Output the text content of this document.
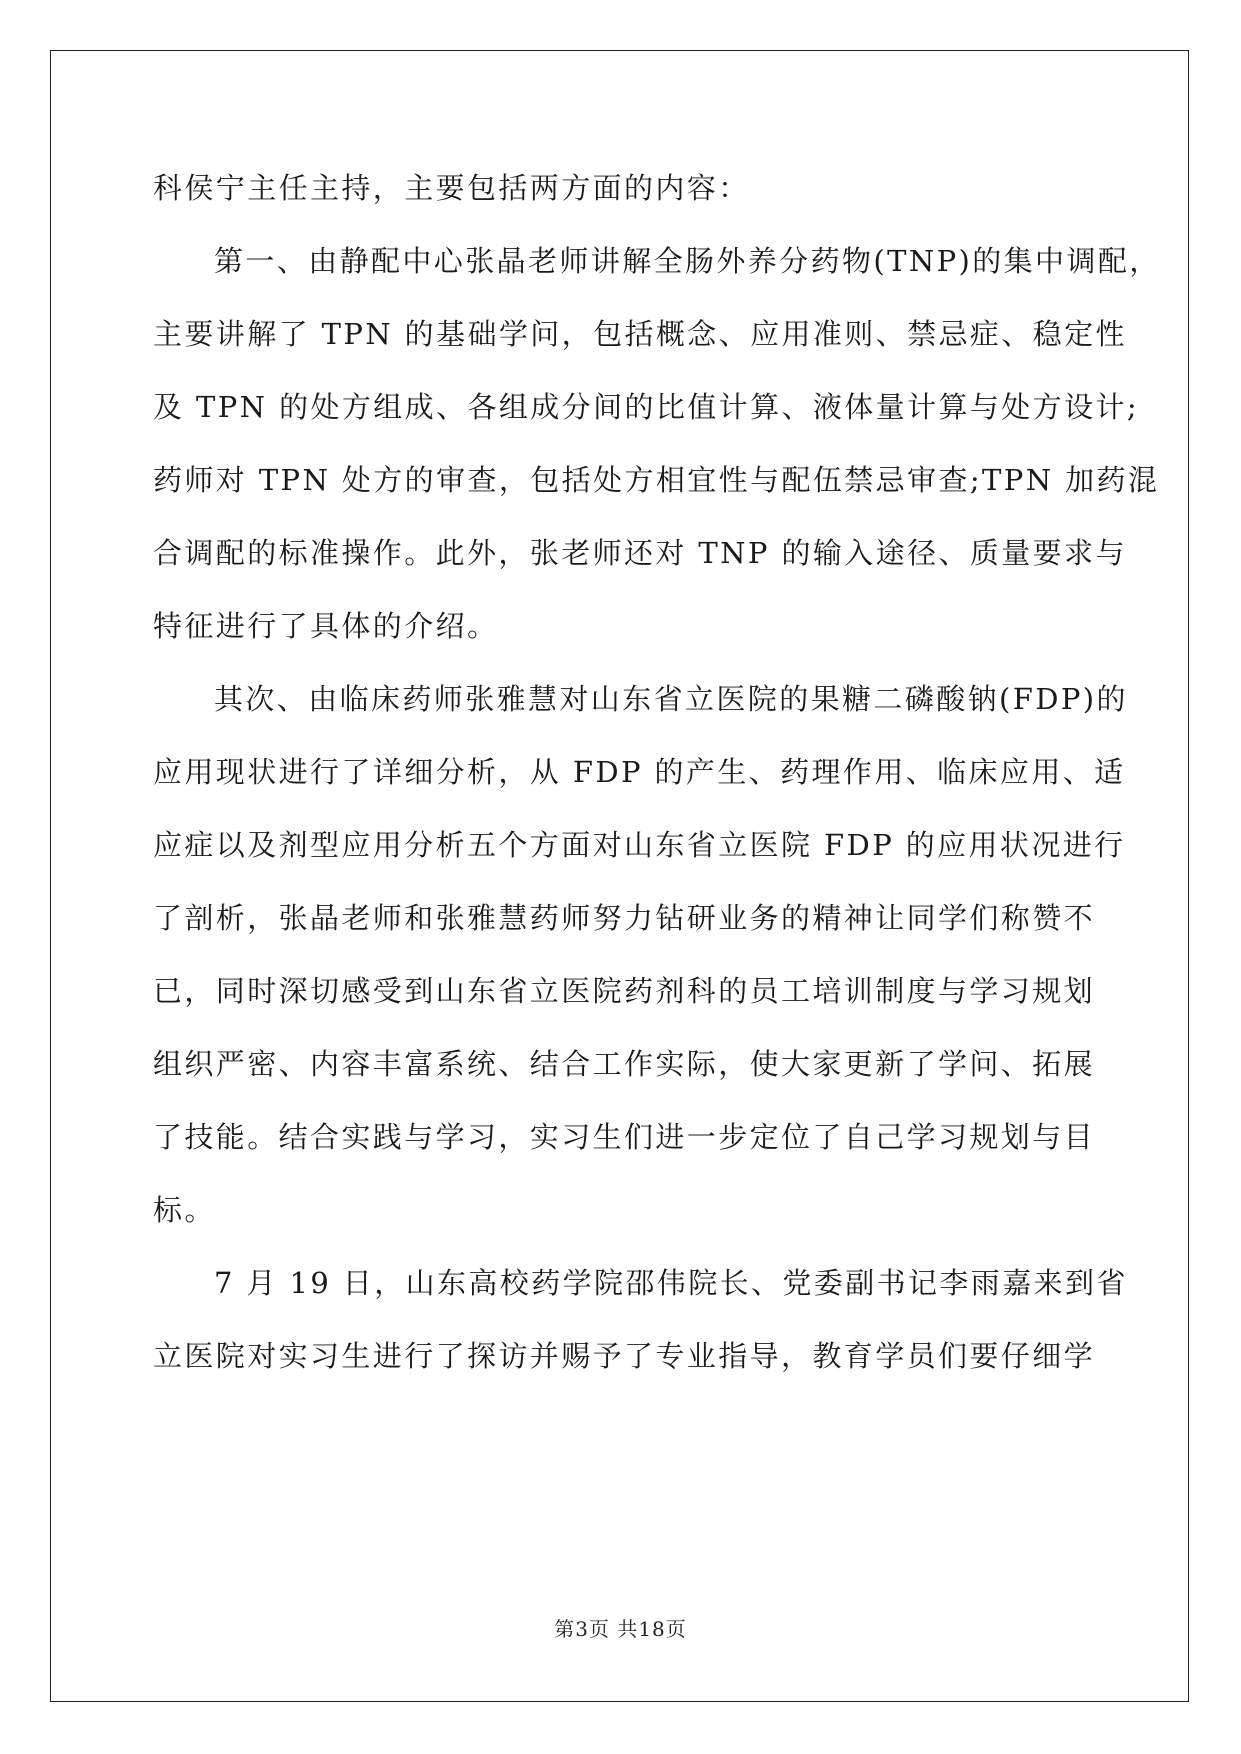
科侯宁主任主持，主要包括两方面的内容：
第一、由静配中心张晶老师讲解全肠外养分药物(TNP)的集中调配，
主要讲解了 TPN 的基础学问，包括概念、应用准则、禁忌症、稳定性
及 TPN 的处方组成、各组成分间的比值计算、液体量计算与处方设计;
药师对 TPN 处方的审查，包括处方相宜性与配伍禁忌审查;TPN 加药混
合调配的标准操作。此外，张老师还对 TNP 的输入途径、质量要求与
特征进行了具体的介绍。
其次、由临床药师张雅慧对山东省立医院的果糖二磷酸钠(FDP)的
应用现状进行了详细分析，从 FDP 的产生、药理作用、临床应用、适
应症以及剂型应用分析五个方面对山东省立医院 FDP 的应用状况进行
了剖析，张晶老师和张雅慧药师努力钻研业务的精神让同学们称赞不
已，同时深切感受到山东省立医院药剂科的员工培训制度与学习规划
组织严密、内容丰富系统、结合工作实际，使大家更新了学问、拓展
了技能。结合实践与学习，实习生们进一步定位了自己学习规划与目
标。
7 月 19 日，山东高校药学院邵伟院长、党委副书记李雨嘉来到省
立医院对实习生进行了探访并赐予了专业指导，教育学员们要仔细学
第3页 共18页
